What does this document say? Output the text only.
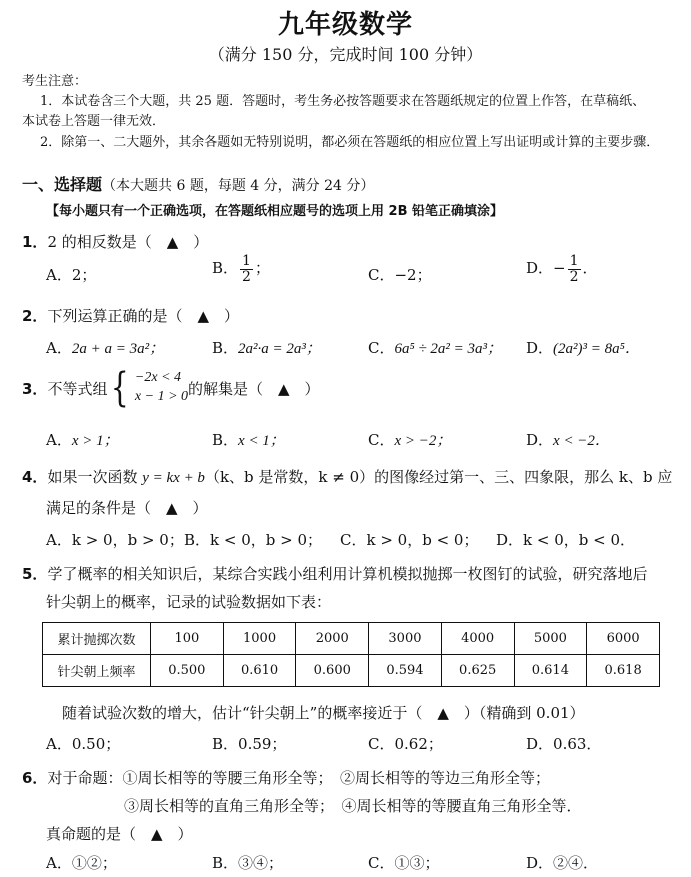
九年级数学
（满分 150 分，完成时间 100 分钟）
考生注意：
1．本试卷含三个大题，共 25 题．答题时，考生务必按答题要求在答题纸规定的位置上作答，在草稿纸、
本试卷上答题一律无效．
2．除第一、二大题外，其余各题如无特别说明，都必须在答题纸的相应位置上写出证明或计算的主要步骤．
一、选择题（本大题共 6 题，每题 4 分，满分 24 分）
【每小题只有一个正确选项，在答题纸相应题号的选项上用 2B 铅笔正确填涂】
1．2 的相反数是（　▲　）
A．2；	B． $\frac{1}{2}$ ；	C．−2；	D．− $\frac{1}{2}$ ．
2．下列运算正确的是（　▲　）
A．2a + a = 3a²；	B．2a²·a = 2a³；	C．6a⁵ ÷ 2a² = 3a³； D．(2a²)³ = 8a⁵．
3． 不等式组 { −2x < 4
x − 1 > 0 的解集是（　▲　）
A．x > 1；	B．x < 1；	C．x > −2；	D．x < −2．
4．如果一次函数 y = kx + b（k、b 是常数，k ≠ 0）的图像经过第一、三、四象限，那么 k、b 应
满足的条件是（　▲　）
A．k > 0，b > 0； B．k < 0，b > 0； C．k > 0，b < 0； D．k < 0，b < 0．
5．学了概率的相关知识后，某综合实践小组利用计算机模拟抛掷一枚图钉的试验，研究落地后
针尖朝上的概率，记录的试验数据如下表：
累计抛掷次数	100	1000	2000	3000	4000	5000	6000
针尖朝上频率	0.500	0.610	0.600	0.594	0.625	0.614	0.618
随着试验次数的增大，估计“针尖朝上”的概率接近于（　▲　）（精确到 0.01）
A．0.50；	B．0.59；	C．0.62；	D．0.63．
6．对于命题：①周长相等的等腰三角形全等；　②周长相等的等边三角形全等；
③周长相等的直角三角形全等；　④周长相等的等腰直角三角形全等．
真命题的是（　▲　）
A．①②；	B．③④；	C．①③；	D．②④．
